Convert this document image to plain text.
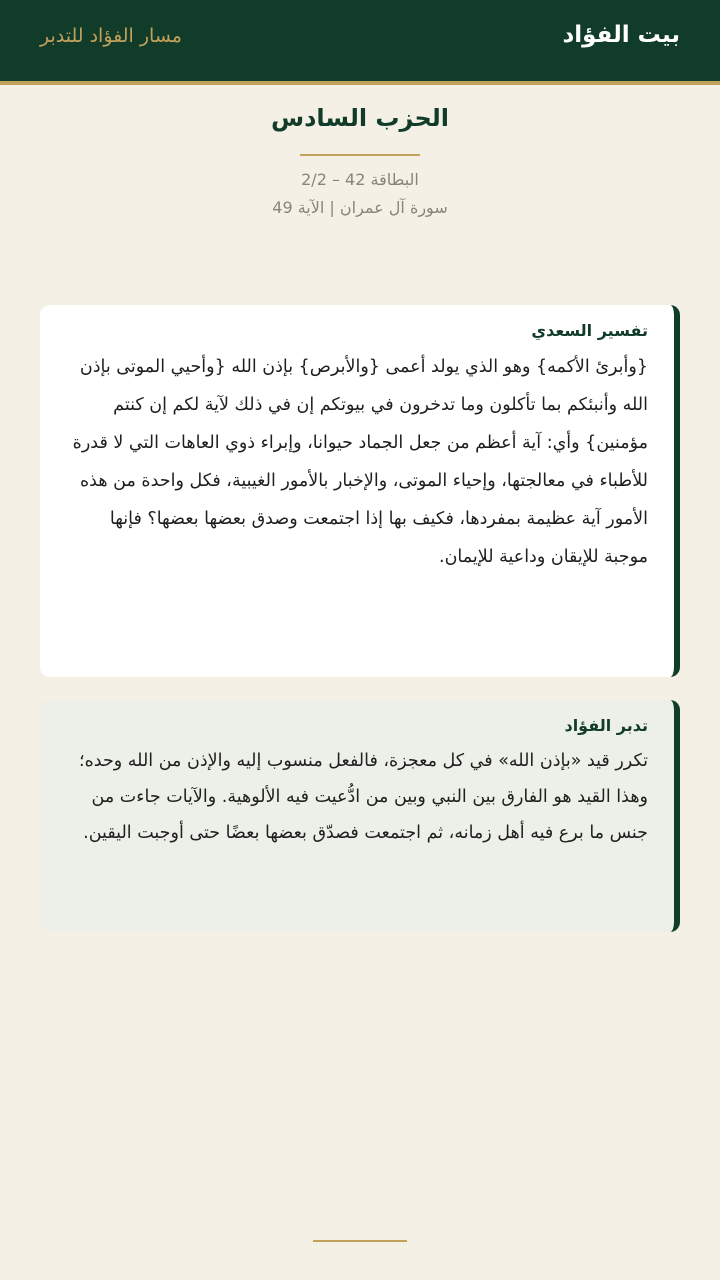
بيت الفؤاد
مسار الفؤاد للتدبر
الحزب السادس
البطاقة 42 – 2/2
سورة آل عمران | الآية 49
تفسير السعدي
{وأبرئ الأكمه} وهو الذي يولد أعمى {والأبرص} بإذن الله {وأحيي الموتى بإذن الله وأنبئكم بما تأكلون وما تدخرون في بيوتكم إن في ذلك لآية لكم إن كنتم مؤمنين} وأي: آية أعظم من جعل الجماد حيوانا، وإبراء ذوي العاهات التي لا قدرة للأطباء في معالجتها، وإحياء الموتى، والإخبار بالأمور الغيبية، فكل واحدة من هذه الأمور آية عظيمة بمفردها، فكيف بها إذا اجتمعت وصدق بعضها بعضها؟ فإنها موجبة للإيقان وداعية للإيمان.
تدبر الفؤاد
تكرر قيد «بإذن الله» في كل معجزة، فالفعل منسوب إليه والإذن من الله وحده؛ وهذا القيد هو الفارق بين النبي وبين من ادُّعيت فيه الألوهية. والآيات جاءت من جنس ما برع فيه أهل زمانه، ثم اجتمعت فصدّق بعضها بعضًا حتى أوجبت اليقين.
